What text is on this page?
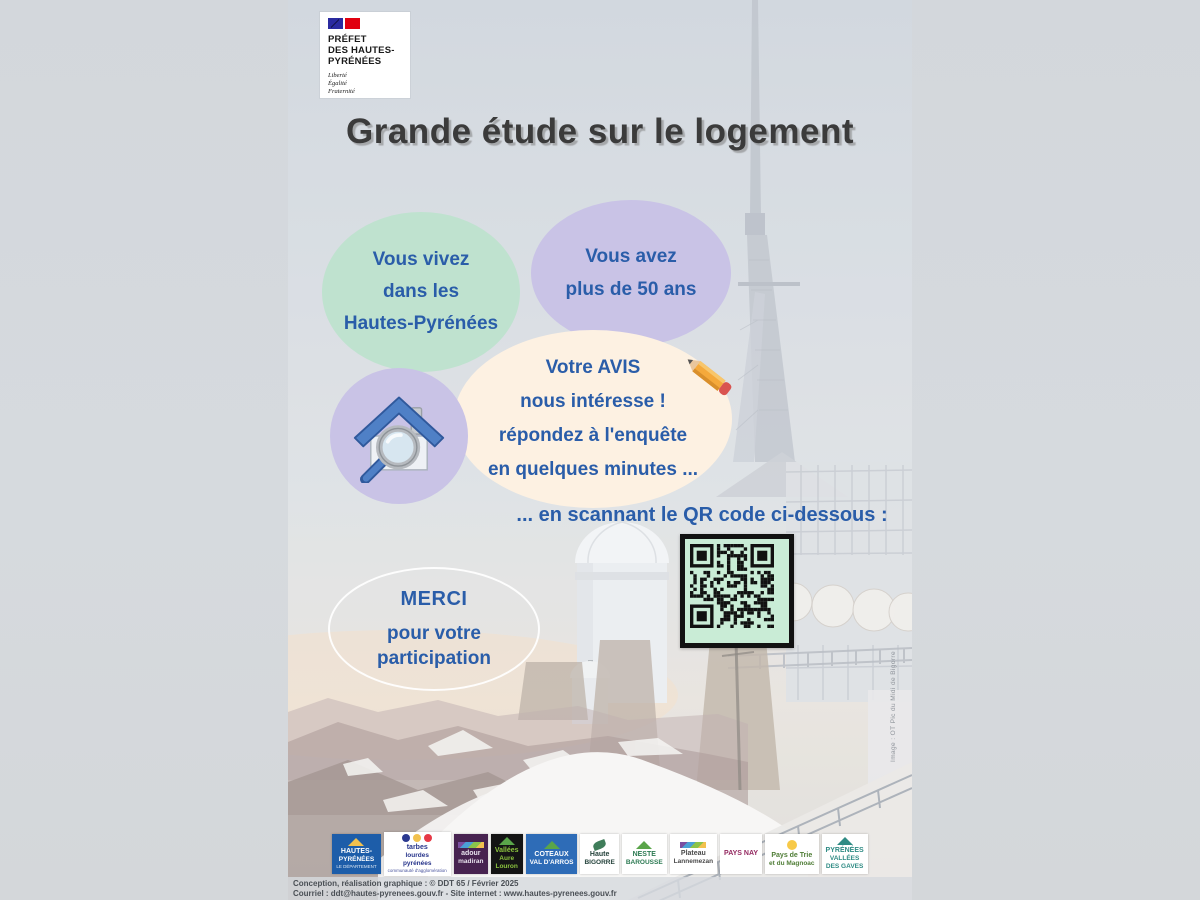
PRÉFET
DES HAUTES-
PYRÉNÉES
Liberté
Égalité
Fraternité
Grande étude sur le logement
Vous avez
plus de 50 ans
Vous vivez
dans les
Hautes-Pyrénées
Votre AVIS
nous intéresse !
répondez à l'enquête
en quelques minutes ...
... en scannant le QR code ci-dessous :
MERCI
pour votre
participation	Image : OT Pic du Midi de Bigorre
HAUTES-
PYRÉNÉES
LE DÉPARTEMENT
tarbes
lourdes
pyrénées
communauté d'agglomération
adour
madiran
Vallées
Aure
Louron
COTEAUX
VAL D'ARROS
Haute
BIGORRE
NESTE
BAROUSSE
Plateau
Lannemezan
PAYS NAY Pays de Trie
et du Magnoac
PYRÉNÉES
VALLÉES
DES GAVES
Conception, réalisation graphique : © DDT 65 / Février 2025
Courriel : ddt@hautes-pyrenees.gouv.fr - Site internet : www.hautes-pyrenees.gouv.fr
